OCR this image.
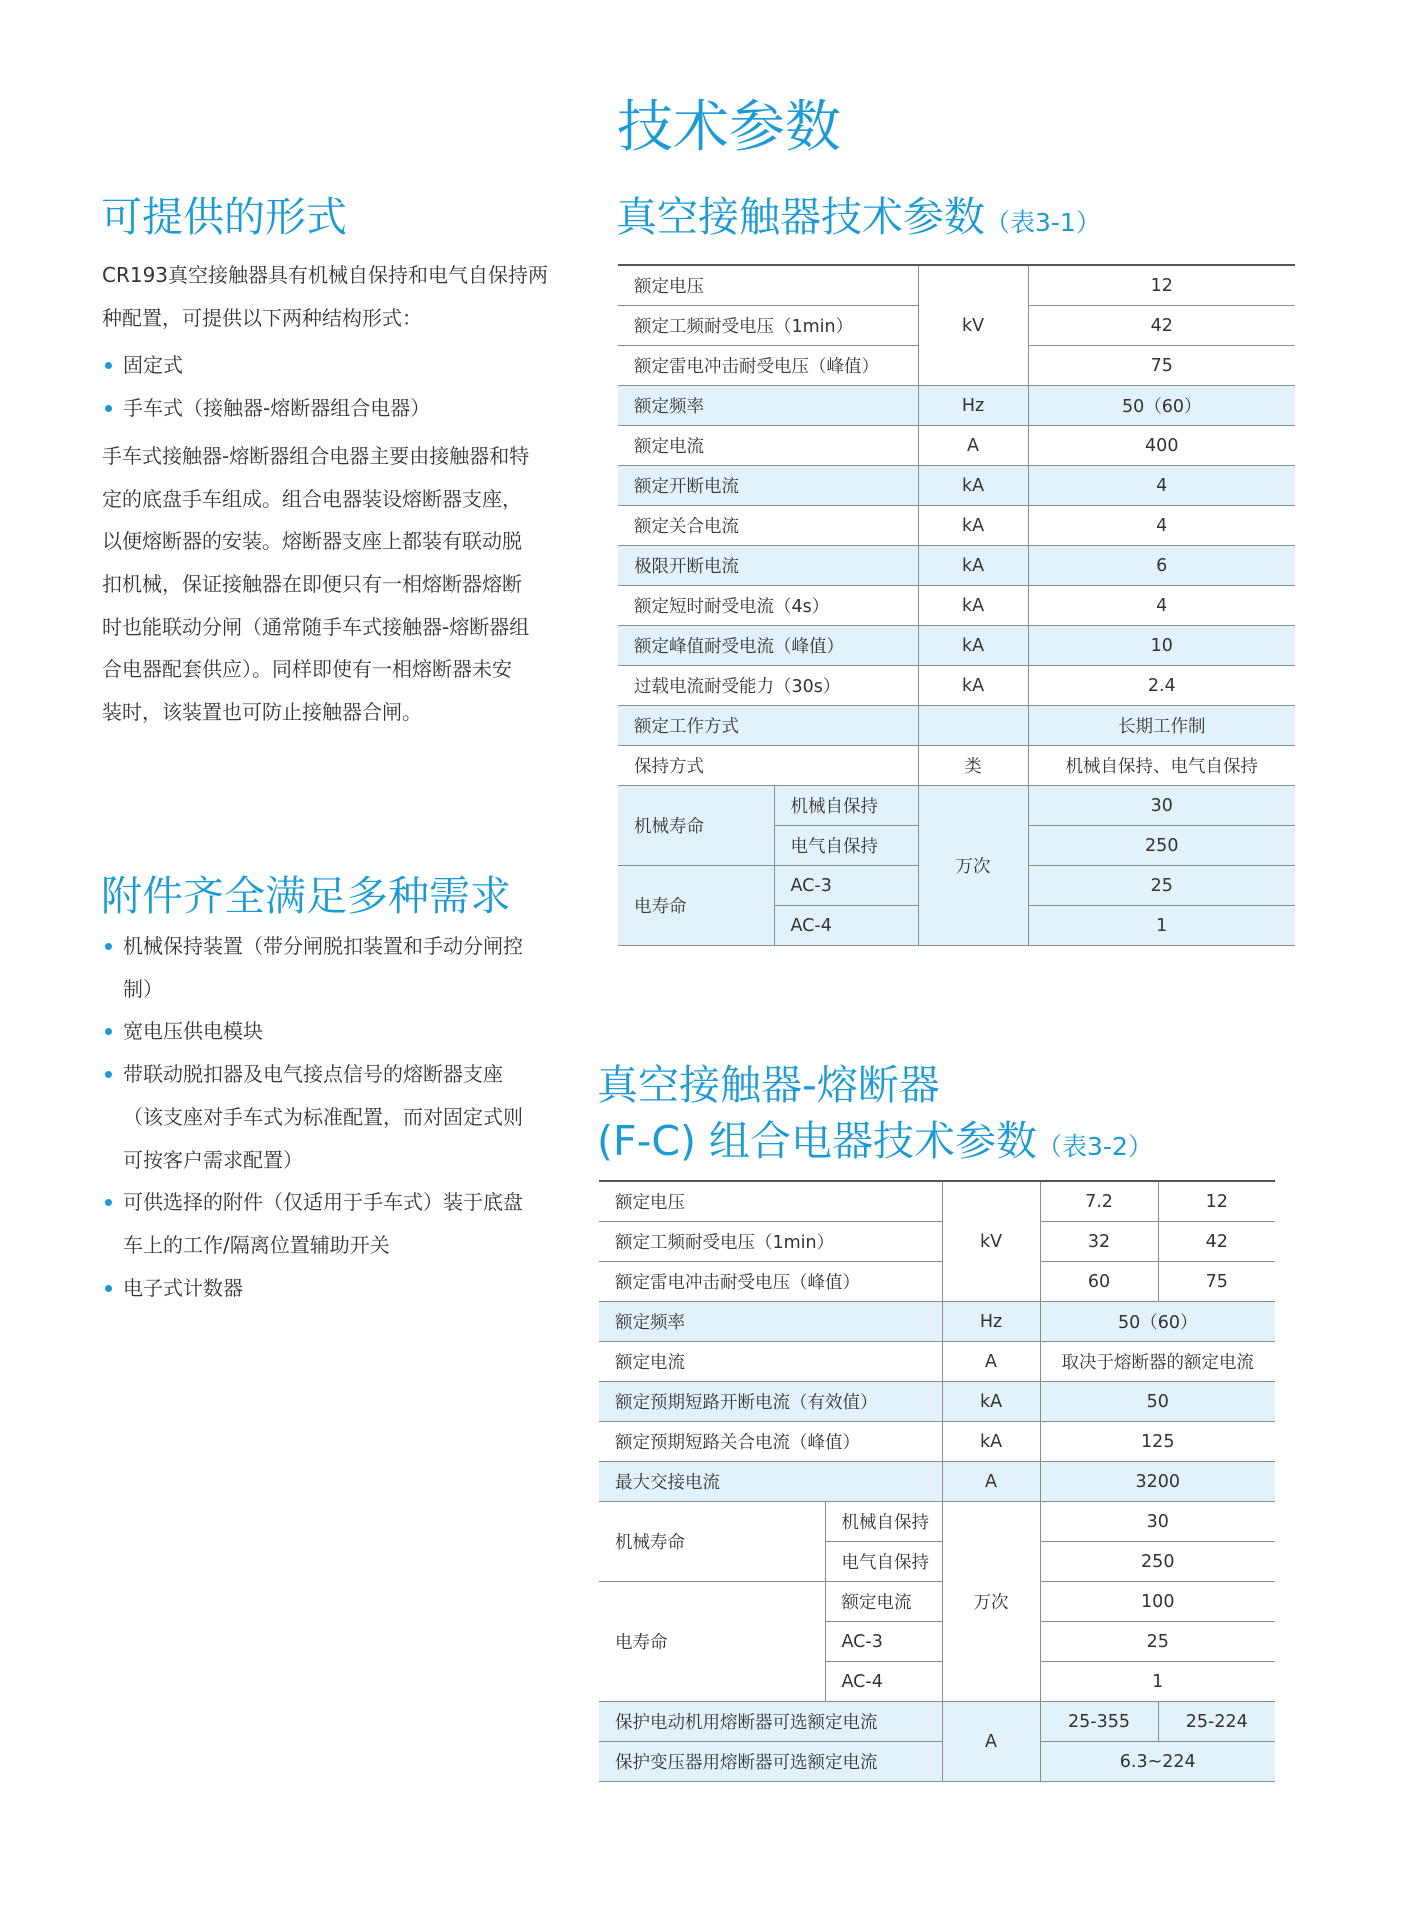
技术参数
可提供的形式
CR193真空接触器具有机械自保持和电气自保持两
种配置，可提供以下两种结构形式：
固定式
手车式（接触器-熔断器组合电器）
手车式接触器-熔断器组合电器主要由接触器和特
定的底盘手车组成。组合电器装设熔断器支座，
以便熔断器的安装。熔断器支座上都装有联动脱
扣机械，保证接触器在即便只有一相熔断器熔断
时也能联动分闸（通常随手车式接触器-熔断器组
合电器配套供应）。同样即使有一相熔断器未安
装时，该装置也可防止接触器合闸。
附件齐全满足多种需求
机械保持装置（带分闸脱扣装置和手动分闸控
制）
宽电压供电模块
带联动脱扣器及电气接点信号的熔断器支座
（该支座对手车式为标准配置，而对固定式则
可按客户需求配置）
可供选择的附件（仅适用于手车式）装于底盘
车上的工作/隔离位置辅助开关
电子式计数器
真空接触器技术参数（表3-1）
额定电压		kV	12
额定工频耐受电压（1min）			42
额定雷电冲击耐受电压（峰值）			75
额定频率		Hz	50（60）
额定电流		A	400
额定开断电流		kA	4
额定关合电流		kA	4
极限开断电流		kA	6
额定短时耐受电流（4s）		kA	4
额定峰值耐受电流（峰值）		kA	10
过载电流耐受能力（30s）		kA	2.4
额定工作方式			长期工作制
保持方式		类	机械自保持、电气自保持
机械寿命	机械自保持	万次	30
	电气自保持		250
电寿命	AC-3		25
	AC-4		1
真空接触器-熔断器
(F-C) 组合电器技术参数（表3-2）
额定电压		kV	7.2	12
额定工频耐受电压（1min）			32	42
额定雷电冲击耐受电压（峰值）			60	75
额定频率		Hz	50（60）	
额定电流		A	取决于熔断器的额定电流	
额定预期短路开断电流（有效值）		kA	50	
额定预期短路关合电流（峰值）		kA	125	
最大交接电流		A	3200	
机械寿命	机械自保持	万次	30	
	电气自保持		250	
电寿命	额定电流		100	
	AC-3		25	
	AC-4		1	
保护电动机用熔断器可选额定电流		A	25-355	25-224
保护变压器用熔断器可选额定电流			6.3~224	
